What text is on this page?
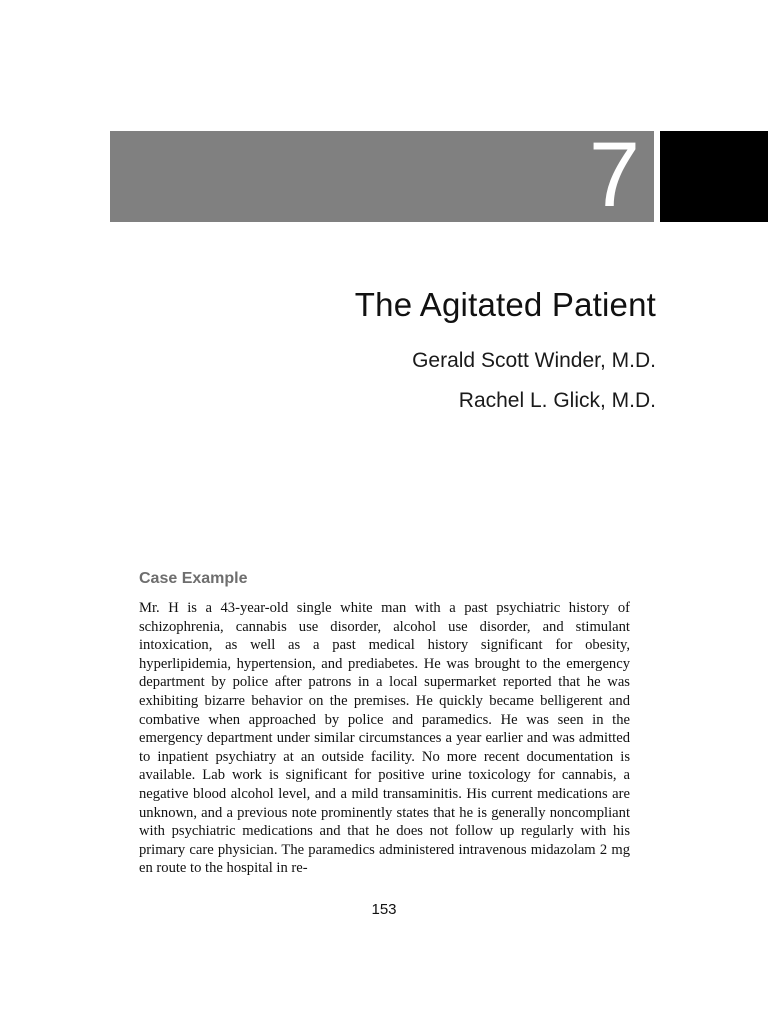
7
The Agitated Patient
Gerald Scott Winder, M.D.
Rachel L. Glick, M.D.
Case Example

Mr. H is a 43-year-old single white man with a past psychiatric history of schizophrenia, cannabis use disorder, alcohol use disorder, and stimulant intoxication, as well as a past medical history significant for obesity, hyperlipidemia, hypertension, and prediabetes. He was brought to the emergency department by police after patrons in a local supermarket reported that he was exhibiting bizarre behavior on the premises. He quickly became belligerent and combative when approached by police and paramedics. He was seen in the emergency department under similar circumstances a year earlier and was admitted to inpatient psychiatry at an outside facility. No more recent documentation is available. Lab work is significant for positive urine toxicology for cannabis, a negative blood alcohol level, and a mild transaminitis. His current medications are unknown, and a previous note prominently states that he is generally noncompliant with psychiatric medications and that he does not follow up regularly with his primary care physician. The paramedics administered intravenous midazolam 2 mg en route to the hospital in re-

153
